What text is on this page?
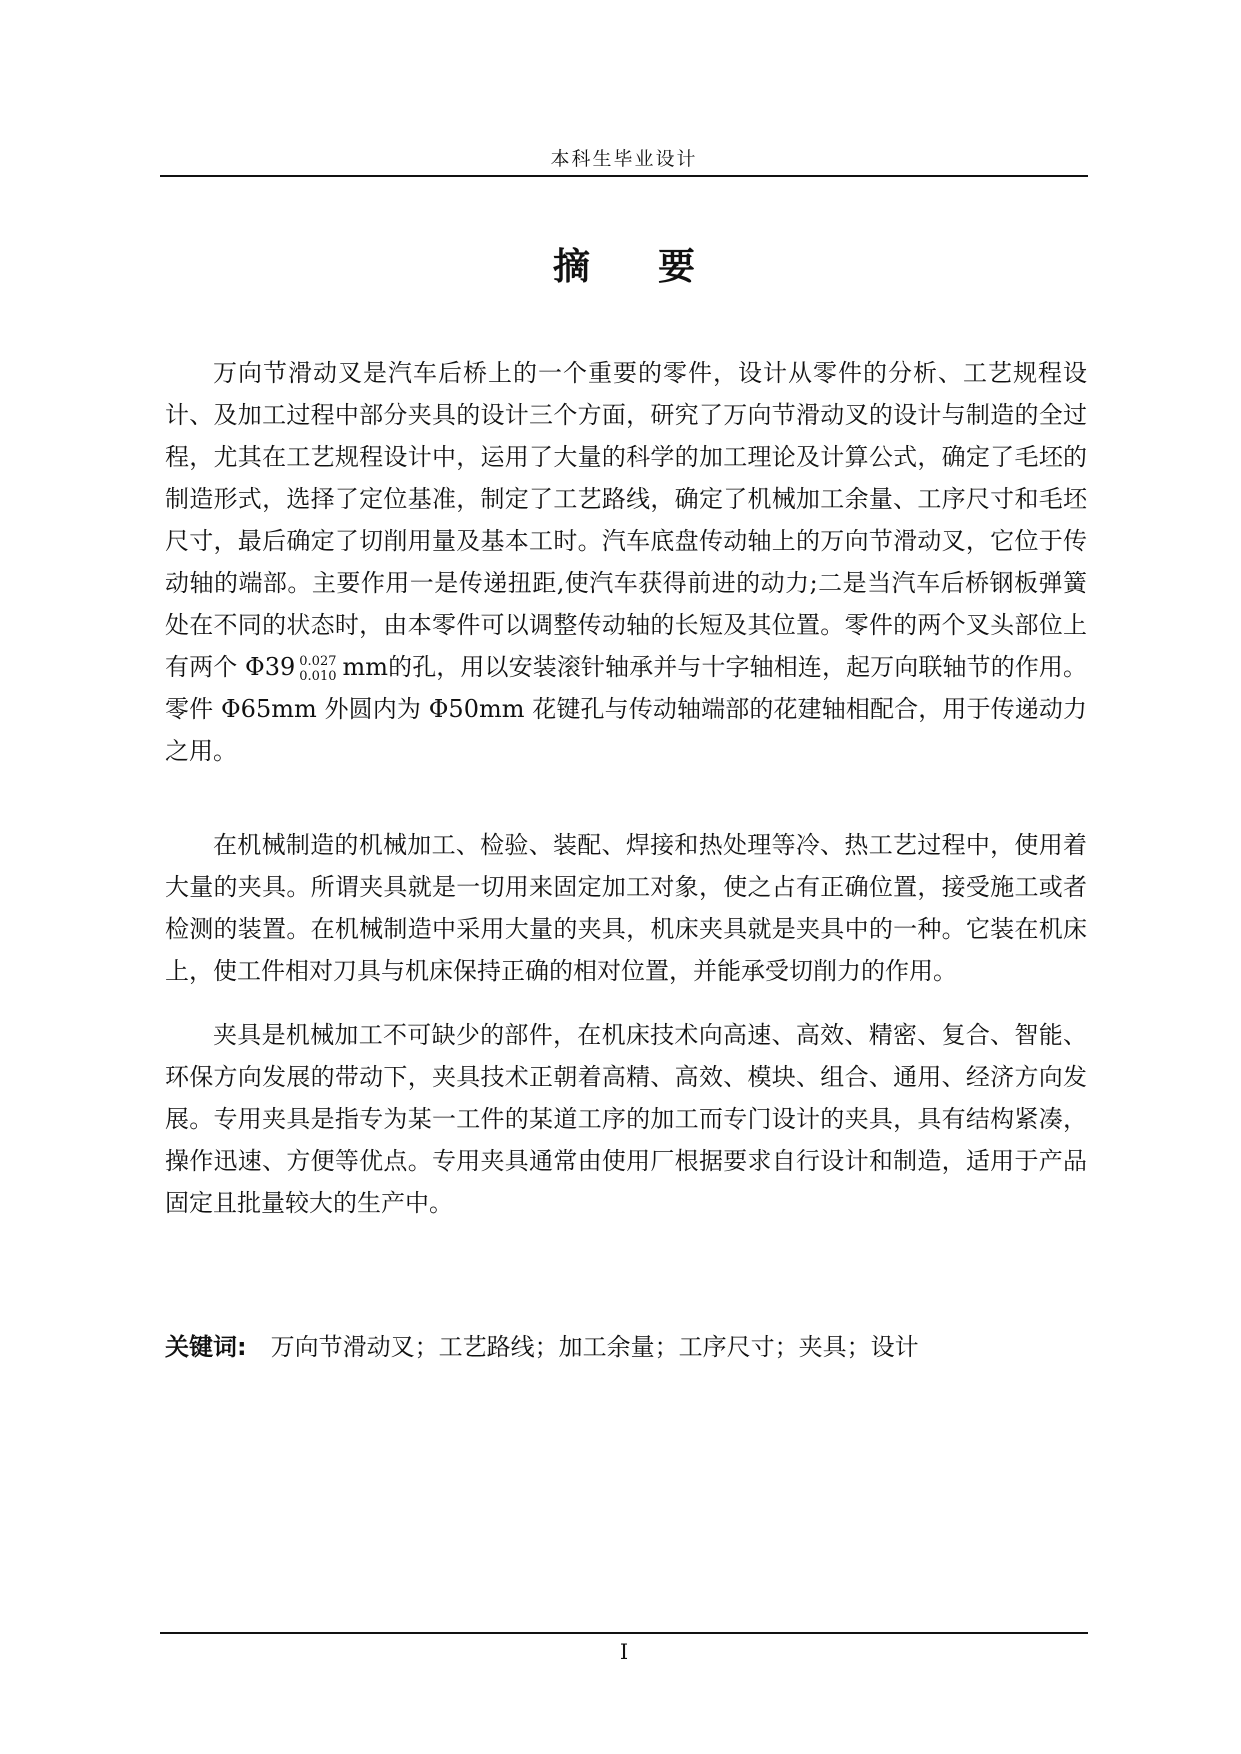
本科生毕业设计
摘 要

万向节滑动叉是汽车后桥上的一个重要的零件，设计从零件的分析、工艺规程设计、及加工过程中部分夹具的设计三个方面，研究了万向节滑动叉的设计与制造的全过程，尤其在工艺规程设计中，运用了大量的科学的加工理论及计算公式，确定了毛坯的制造形式，选择了定位基准，制定了工艺路线，确定了机械加工余量、工序尺寸和毛坯尺寸，最后确定了切削用量及基本工时。汽车底盘传动轴上的万向节滑动叉，它位于传动轴的端部。主要作用一是传递扭距,使汽车获得前进的动力;二是当汽车后桥钢板弹簧处在不同的状态时，由本零件可以调整传动轴的长短及其位置。零件的两个叉头部位上有两个 Φ39 0.027
0.010 mm的孔，用以安装滚针轴承并与十字轴相连，起万向联轴节的作用。零件 Φ65mm 外圆内为 Φ50mm 花键孔与传动轴端部的花建轴相配合，用于传递动力之用。

在机械制造的机械加工、检验、装配、焊接和热处理等冷、热工艺过程中，使用着大量的夹具。所谓夹具就是一切用来固定加工对象，使之占有正确位置，接受施工或者检测的装置。在机械制造中采用大量的夹具，机床夹具就是夹具中的一种。它装在机床上，使工件相对刀具与机床保持正确的相对位置，并能承受切削力的作用。

夹具是机械加工不可缺少的部件，在机床技术向高速、高效、精密、复合、智能、环保方向发展的带动下，夹具技术正朝着高精、高效、模块、组合、通用、经济方向发展。专用夹具是指专为某一工件的某道工序的加工而专门设计的夹具，具有结构紧凑，操作迅速、方便等优点。专用夹具通常由使用厂根据要求自行设计和制造，适用于产品固定且批量较大的生产中。

关键词: 万向节滑动叉；工艺路线；加工余量；工序尺寸；夹具；设计
I
